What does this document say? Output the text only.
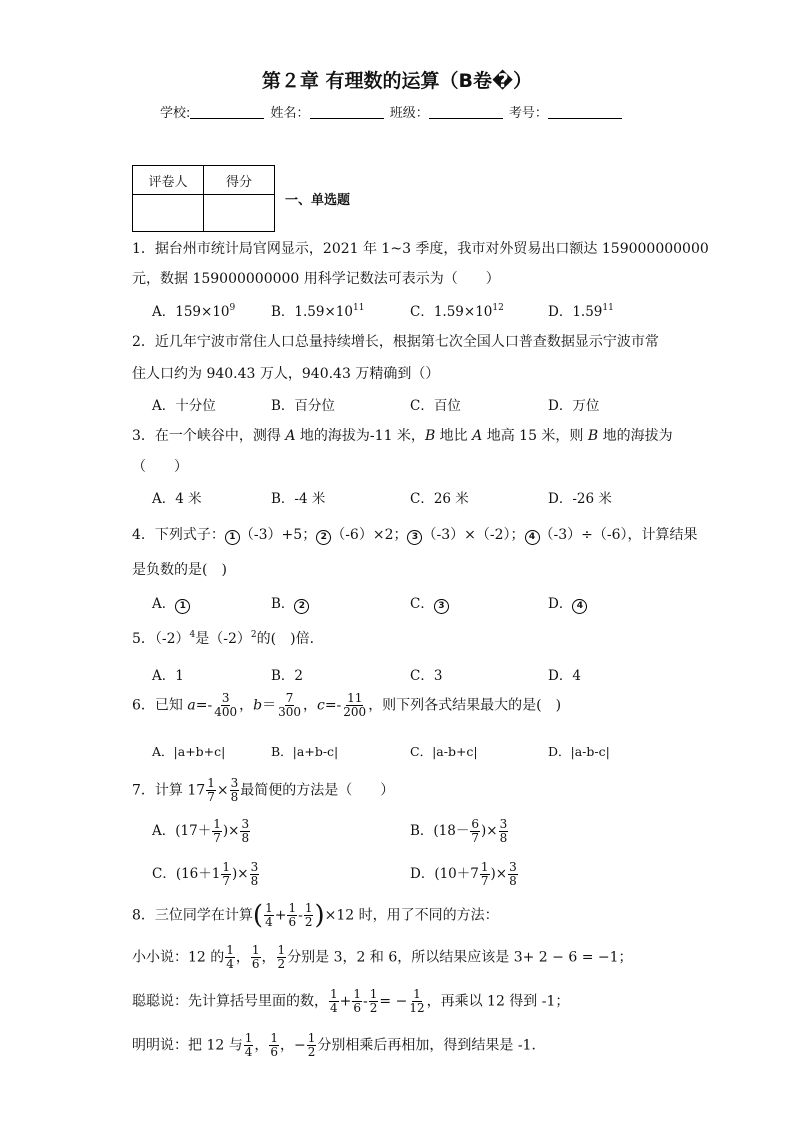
第２章 有理数的运算（B卷�）
学校:	姓名：	班级：	考号：
评卷人	得分

一、单选题
1．据台州市统计局官网显示，2021 年 1~3 季度，我市对外贸易出口额达 159000000000
元，数据 159000000000 用科学记数法可表示为（　　）
A．$159\times 10^9$	B．$1.59\times 10^{11}$	C．$1.59\times 10^{12}$	D．1.59$^{11}$
2．近几年宁波市常住人口总量持续增长，根据第七次全国人口普查数据显示宁波市常
住人口约为 940.43 万人，940.43 万精确到（）
A．十分位	B．百分位	C．百位	D．万位
3．在一个峡谷中，测得 A 地的海拔为-11 米，B 地比 A 地高 15 米，则 B 地的海拔为
（　　）
A．4 米	B．-4 米	C．26 米	D．-26 米
4．下列式子： 1 （-3）+5； 2 （-6）×2； 3 （-3）×（-2）； 4 （-3）÷（-6），计算结果
是负数的是(　)
A． 1	B． 2	C． 3	D． 4
5．$(-2)^4$是$(-2)^2$的(　)倍．
A．1	B．2	C．3	D．4
6．已知 $a=- \frac{3}{400}$ ，$b= \frac{7}{300}$ ，$c=- \frac{11}{200}$ ，则下列各式结果最大的是(　)
A．|a+b+c|	B．|a+b-c|	C．|a-b+c|	D．|a-b-c|
7．计算 $17 \frac{1}{7} \times \frac{3}{8}$ 最简便的方法是（　　）
A．($17+ \frac{1}{7}$ )× $\frac{3}{8}$	B．($18- \frac{6}{7}$ )× $\frac{3}{8}$
C．($16+1 \frac{1}{7}$ )× $\frac{3}{8}$	D．($10+7 \frac{1}{7}$ )× $\frac{3}{8}$
8．三位同学在计算( $\frac{1}{4} + \frac{1}{6} - \frac{1}{2} )\times 12$ 时，用了不同的方法：
小小说：12 的 $\frac{1}{4}$ ， $\frac{1}{6}$ ， $\frac{1}{2}$ 分别是 3，2 和 6，所以结果应该是 3+ 2 − 6 = −1；
聪聪说：先计算括号里面的数， $\frac{1}{4} + \frac{1}{6} - \frac{1}{2}$ = − $\frac{1}{12}$ ，再乘以 12 得到 -1；
明明说：把 12 与 $\frac{1}{4}$ ， $\frac{1}{6}$ ，− $\frac{1}{2}$ 分别相乘后再相加，得到结果是 -1．
